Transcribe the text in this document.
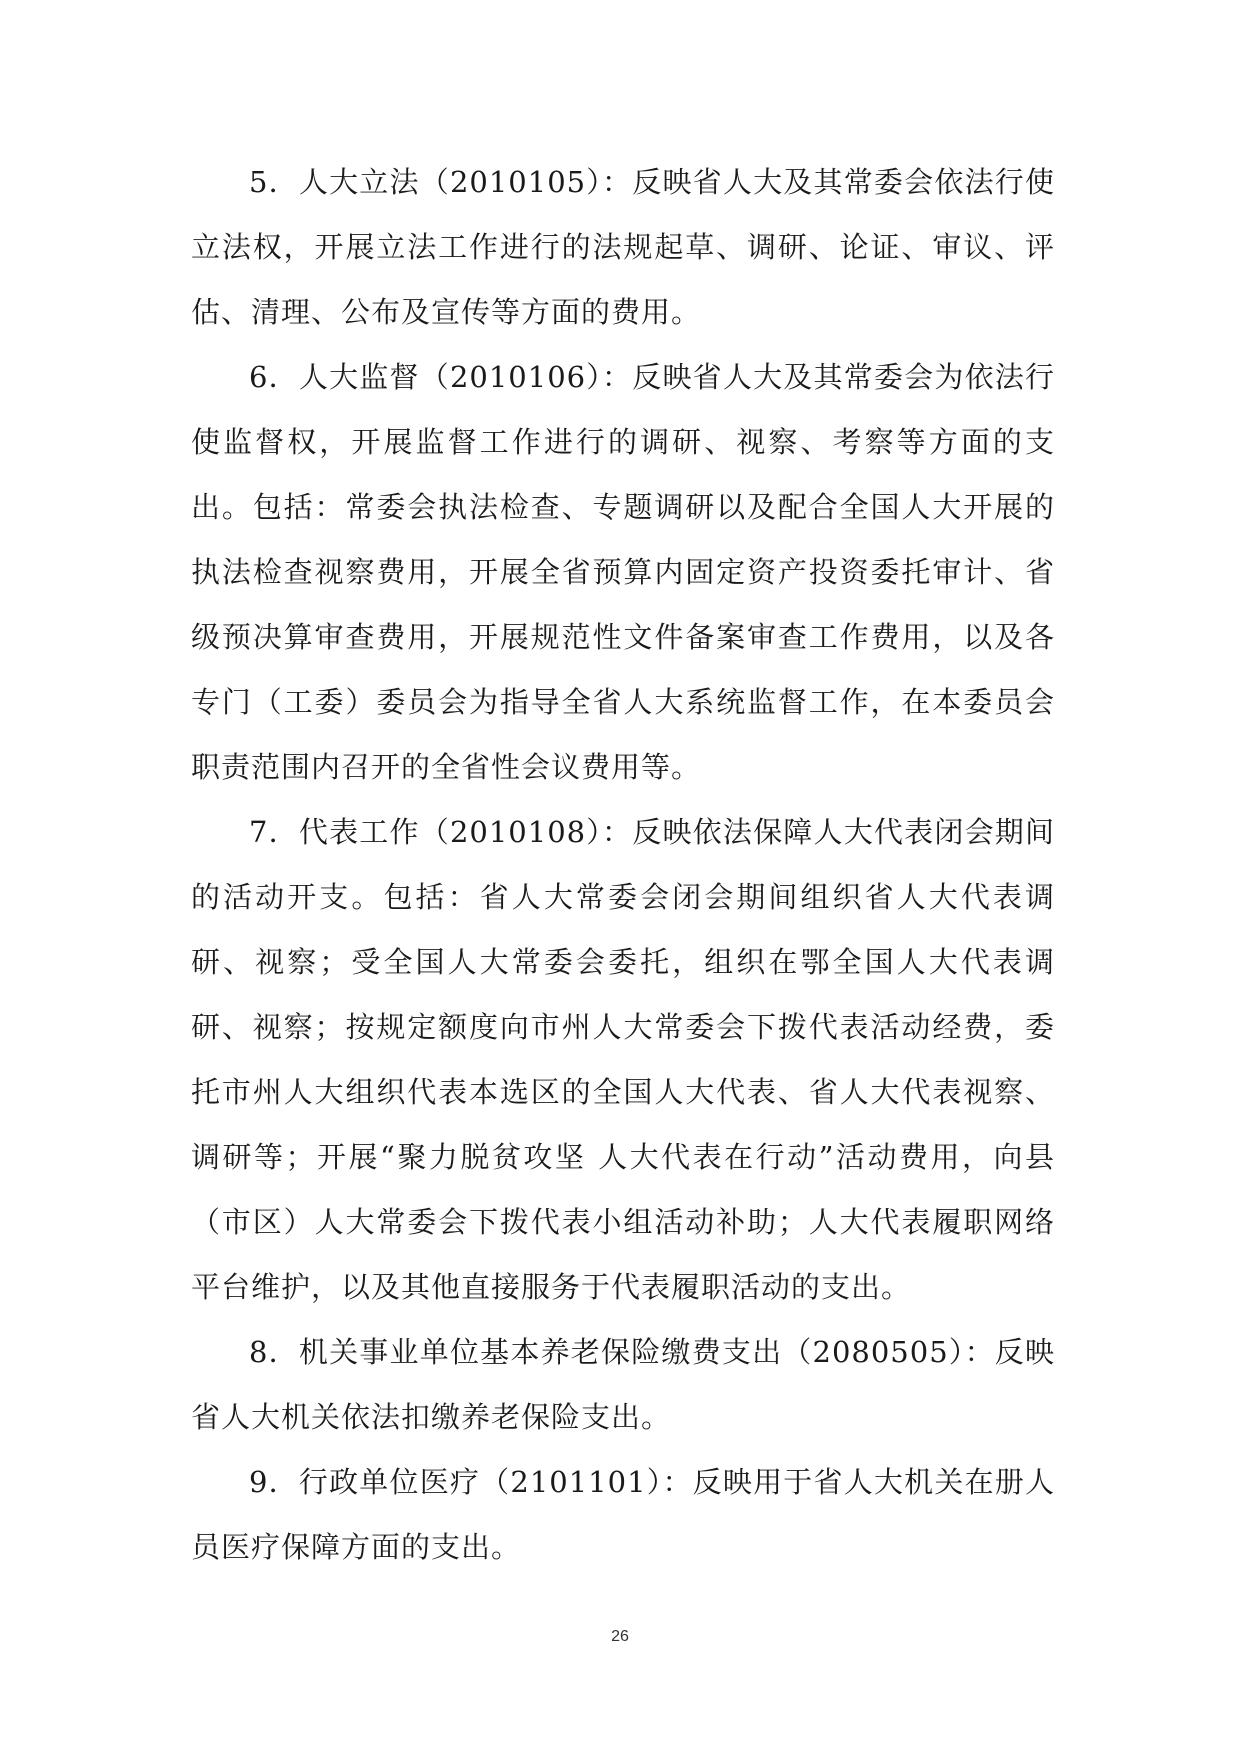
5．人大立法（2010105）：反映省人大及其常委会依法行使立法权，开展立法工作进行的法规起草、调研、论证、审议、评估、清理、公布及宣传等方面的费用。

6．人大监督（2010106）：反映省人大及其常委会为依法行使监督权，开展监督工作进行的调研、视察、考察等方面的支出。包括：常委会执法检查、专题调研以及配合全国人大开展的执法检查视察费用，开展全省预算内固定资产投资委托审计、省级预决算审查费用，开展规范性文件备案审查工作费用，以及各专门（工委）委员会为指导全省人大系统监督工作，在本委员会职责范围内召开的全省性会议费用等。

7．代表工作（2010108）：反映依法保障人大代表闭会期间的活动开支。包括：省人大常委会闭会期间组织省人大代表调研、视察；受全国人大常委会委托，组织在鄂全国人大代表调研、视察；按规定额度向市州人大常委会下拨代表活动经费，委托市州人大组织代表本选区的全国人大代表、省人大代表视察、调研等；开展“聚力脱贫攻坚 人大代表在行动”活动费用，向县（市区）人大常委会下拨代表小组活动补助；人大代表履职网络平台维护，以及其他直接服务于代表履职活动的支出。

8．机关事业单位基本养老保险缴费支出（2080505）：反映省人大机关依法扣缴养老保险支出。

9．行政单位医疗（2101101）：反映用于省人大机关在册人员医疗保障方面的支出。

26
